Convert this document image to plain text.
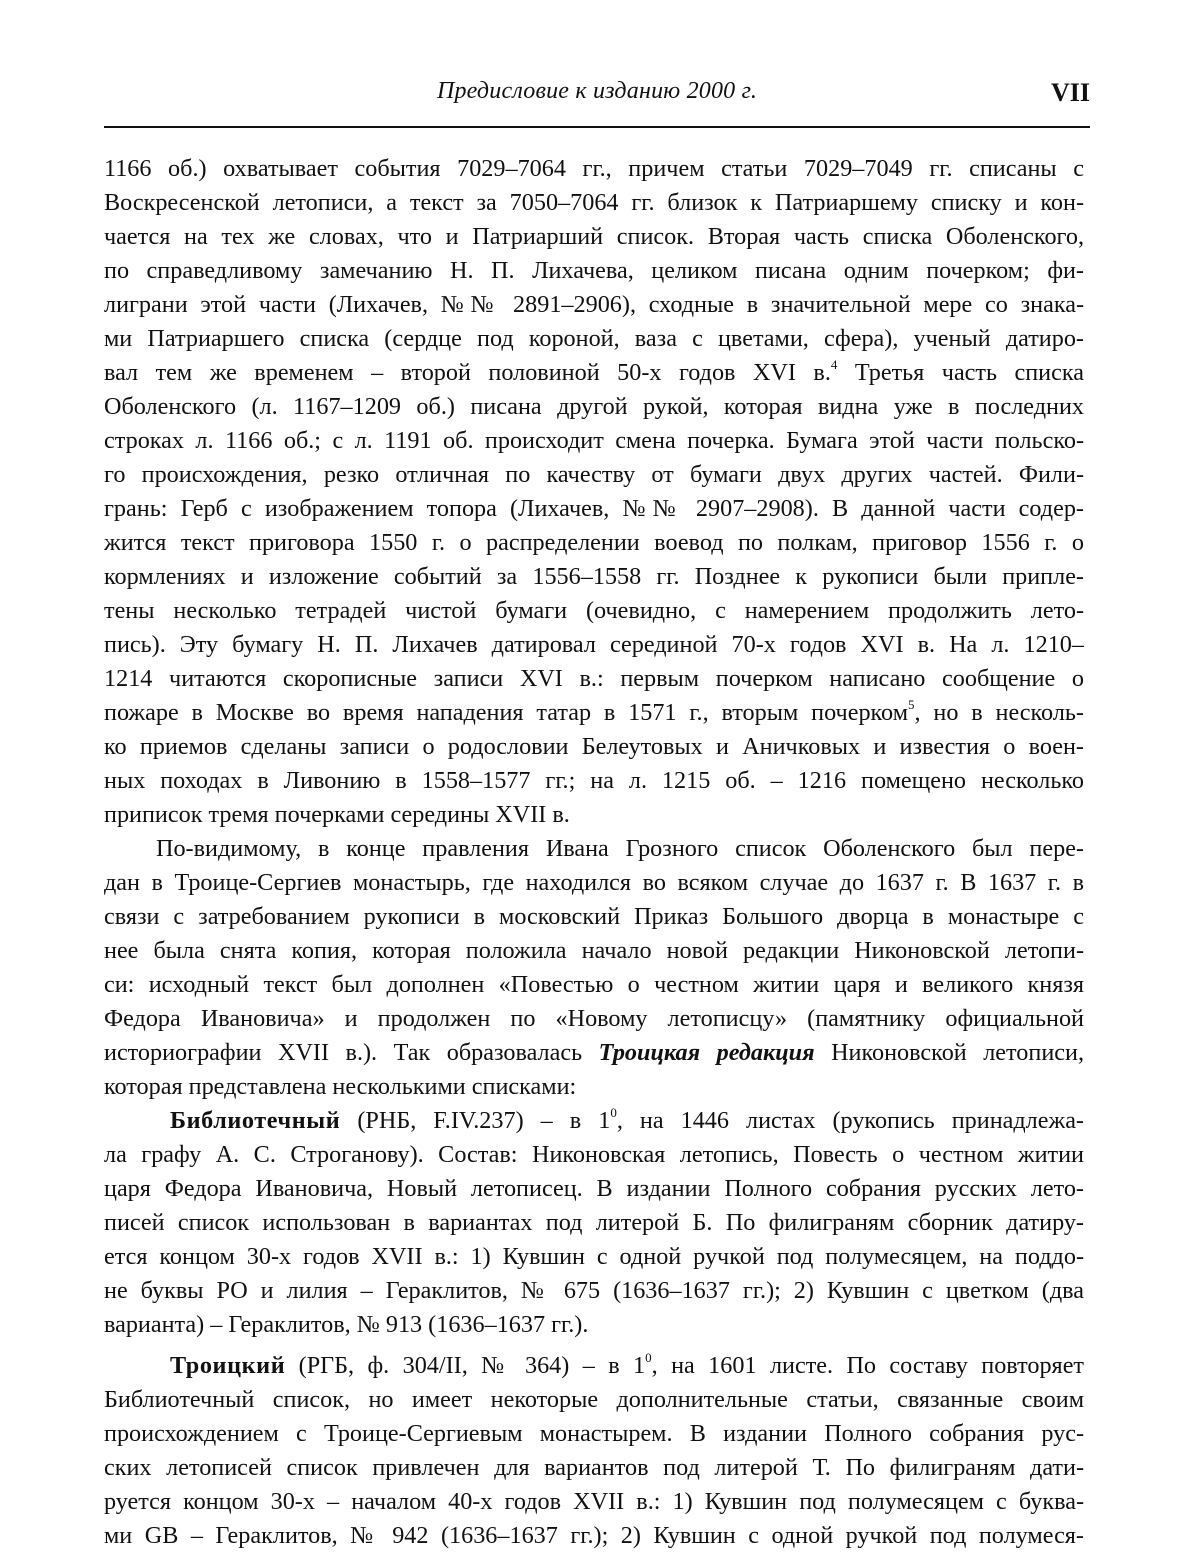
Предисловие к изданию 2000 г.	VII
1166 об.) охватывает события 7029–7064 гг., причем статьи 7029–7049 гг. списаны с
Воскресенской летописи, а текст за 7050–7064 гг. близок к Патриаршему списку и кон-
чается на тех же словах, что и Патриарший список. Вторая часть списка Оболенского,
по справедливому замечанию Н. П. Лихачева, целиком писана одним почерком; фи-
лиграни этой части (Лихачев, №№ 2891–2906), сходные в значительной мере со знака-
ми Патриаршего списка (сердце под короной, ваза с цветами, сфера), ученый датиро-
вал тем же временем – второй половиной 50-х годов XVI в.$^4$ Третья часть списка
Оболенского (л. 1167–1209 об.) писана другой рукой, которая видна уже в последних
строках л. 1166 об.; с л. 1191 об. происходит смена почерка. Бумага этой части польско-
го происхождения, резко отличная по качеству от бумаги двух других частей. Фили-
грань: Герб с изображением топора (Лихачев, №№ 2907–2908). В данной части содер-
жится текст приговора 1550 г. о распределении воевод по полкам, приговор 1556 г. о
кормлениях и изложение событий за 1556–1558 гг. Позднее к рукописи были припле-
тены несколько тетрадей чистой бумаги (очевидно, с намерением продолжить лето-
пись). Эту бумагу Н. П. Лихачев датировал серединой 70-х годов XVI в. На л. 1210–
1214 читаются скорописные записи XVI в.: первым почерком написано сообщение о
пожаре в Москве во время нападения татар в 1571 г., вторым почерком$^5$, но в несколь-
ко приемов сделаны записи о родословии Белеутовых и Аничковых и известия о воен-
ных походах в Ливонию в 1558–1577 гг.; на л. 1215 об. – 1216 помещено несколько
приписок тремя почерками середины XVII в.
По-видимому, в конце правления Ивана Грозного список Оболенского был пере-
дан в Троице-Сергиев монастырь, где находился во всяком случае до 1637 г. В 1637 г. в
связи с затребованием рукописи в московский Приказ Большого дворца в монастыре с
нее была снята копия, которая положила начало новой редакции Никоновской летопи-
си: исходный текст был дополнен «Повестью о честном житии царя и великого князя
Федора Ивановича» и продолжен по «Новому летописцу» (памятнику официальной
историографии XVII в.). Так образовалась Троицкая редакция Никоновской летописи,
которая представлена несколькими списками:
Библиотечный (РНБ, F.IV.237) – в $1^0$, на 1446 листах (рукопись принадлежа-
ла графу А. С. Строганову). Состав: Никоновская летопись, Повесть о честном житии
царя Федора Ивановича, Новый летописец. В издании Полного собрания русских лето-
писей список использован в вариантах под литерой Б. По филиграням сборник датиру-
ется концом 30-х годов XVII в.: 1) Кувшин с одной ручкой под полумесяцем, на поддо-
не буквы РО и лилия – Гераклитов, № 675 (1636–1637 гг.); 2) Кувшин с цветком (два
варианта) – Гераклитов, № 913 (1636–1637 гг.).
Троицкий (РГБ, ф. 304/II, № 364) – в $1^0$, на 1601 листе. По составу повторяет
Библиотечный список, но имеет некоторые дополнительные статьи, связанные своим
происхождением с Троице-Сергиевым монастырем. В издании Полного собрания рус-
ских летописей список привлечен для вариантов под литерой Т. По филиграням дати-
руется концом 30-х – началом 40-х годов XVII в.: 1) Кувшин под полумесяцем с буква-
ми GB – Гераклитов, № 942 (1636–1637 гг.); 2) Кувшин с одной ручкой под полумеся-
